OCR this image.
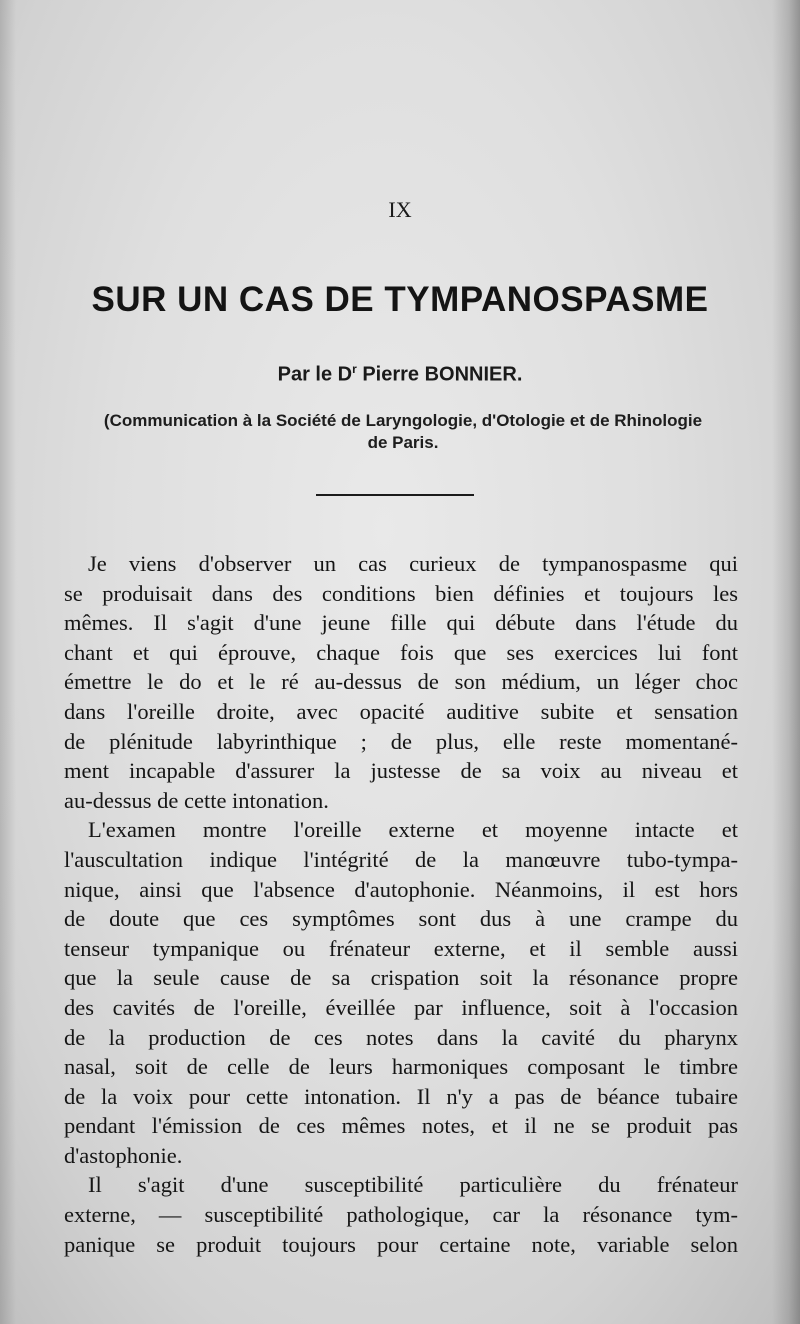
IX
SUR UN CAS DE TYMPANOSPASME
Par le $D^r$ Pierre BONNIER.
(Communication à la Société de Laryngologie, d'Otologie et de Rhinologie
de Paris.
Je viens d'observer un cas curieux de tympanospasme qui
se produisait dans des conditions bien définies et toujours les
mêmes. Il s'agit d'une jeune fille qui débute dans l'étude du
chant et qui éprouve, chaque fois que ses exercices lui font
émettre le do et le ré au-dessus de son médium, un léger choc
dans l'oreille droite, avec opacité auditive subite et sensation
de plénitude labyrinthique ; de plus, elle reste momentané-
ment incapable d'assurer la justesse de sa voix au niveau et
au-dessus de cette intonation.
L'examen montre l'oreille externe et moyenne intacte et
l'auscultation indique l'intégrité de la manœuvre tubo-tympa-
nique, ainsi que l'absence d'autophonie. Néanmoins, il est hors
de doute que ces symptômes sont dus à une crampe du
tenseur tympanique ou frénateur externe, et il semble aussi
que la seule cause de sa crispation soit la résonance propre
des cavités de l'oreille, éveillée par influence, soit à l'occasion
de la production de ces notes dans la cavité du pharynx
nasal, soit de celle de leurs harmoniques composant le timbre
de la voix pour cette intonation. Il n'y a pas de béance tubaire
pendant l'émission de ces mêmes notes, et il ne se produit pas
d'astophonie.
Il s'agit d'une susceptibilité particulière du frénateur
externe, — susceptibilité pathologique, car la résonance tym-
panique se produit toujours pour certaine note, variable selon
